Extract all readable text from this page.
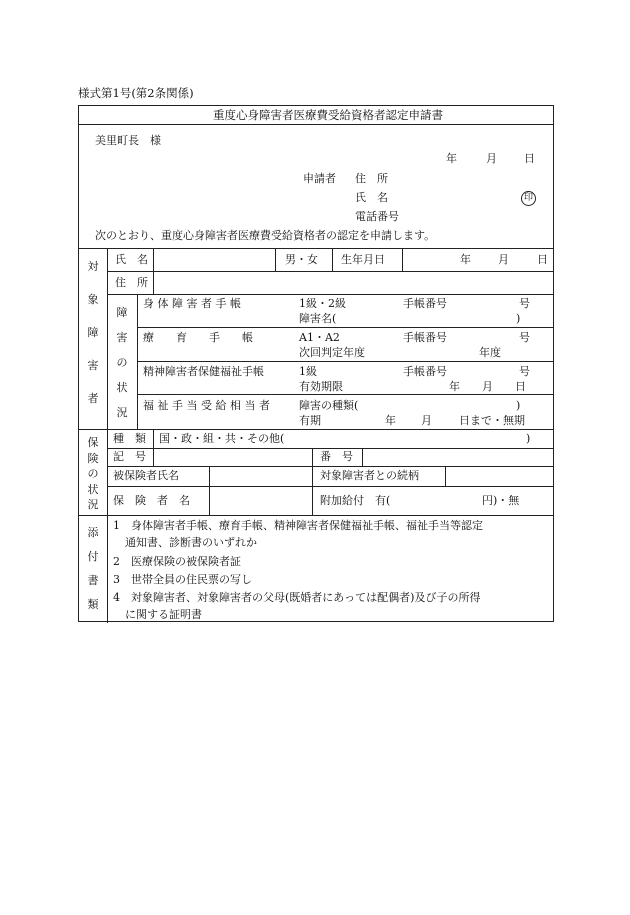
様式第1号(第2条関係)
重度心身障害者医療費受給資格者認定申請書
美里町長　様
年	月 日
申請者 住　所
氏　名	印
電話番号
次のとおり、重度心身障害者医療費受給資格者の認定を申請します。
対
象
障
害
者
氏　名	男・女 生年月日	年 月	日
住　所
障
害
の
状
況
身 体 障 害 者 手 帳	1級・2級	手帳番号	号
障害名(	)
療　　育　　手　　帳	A1・A2	手帳番号	号
次回判定年度	年度
精神障害者保健福祉手帳	1級	手帳番号	号
有効期限	年　　月　　日
福 祉 手 当 受 給 相 当 者	障害の種類(	)
有期	年 月 日まで・無期
保
険
の
状
況
種　類 国・政・組・共・その他(	)
記　号	番　号
被保険者氏名	対象障害者との続柄
保　険　者　名	附加給付　有(	円)・無
添
付
書
類
1　身体障害者手帳、療育手帳、精神障害者保健福祉手帳、福祉手当等認定
通知書、診断書のいずれか
2　医療保険の被保険者証
3　世帯全員の住民票の写し
4　対象障害者、対象障害者の父母(既婚者にあっては配偶者)及び子の所得
に関する証明書
